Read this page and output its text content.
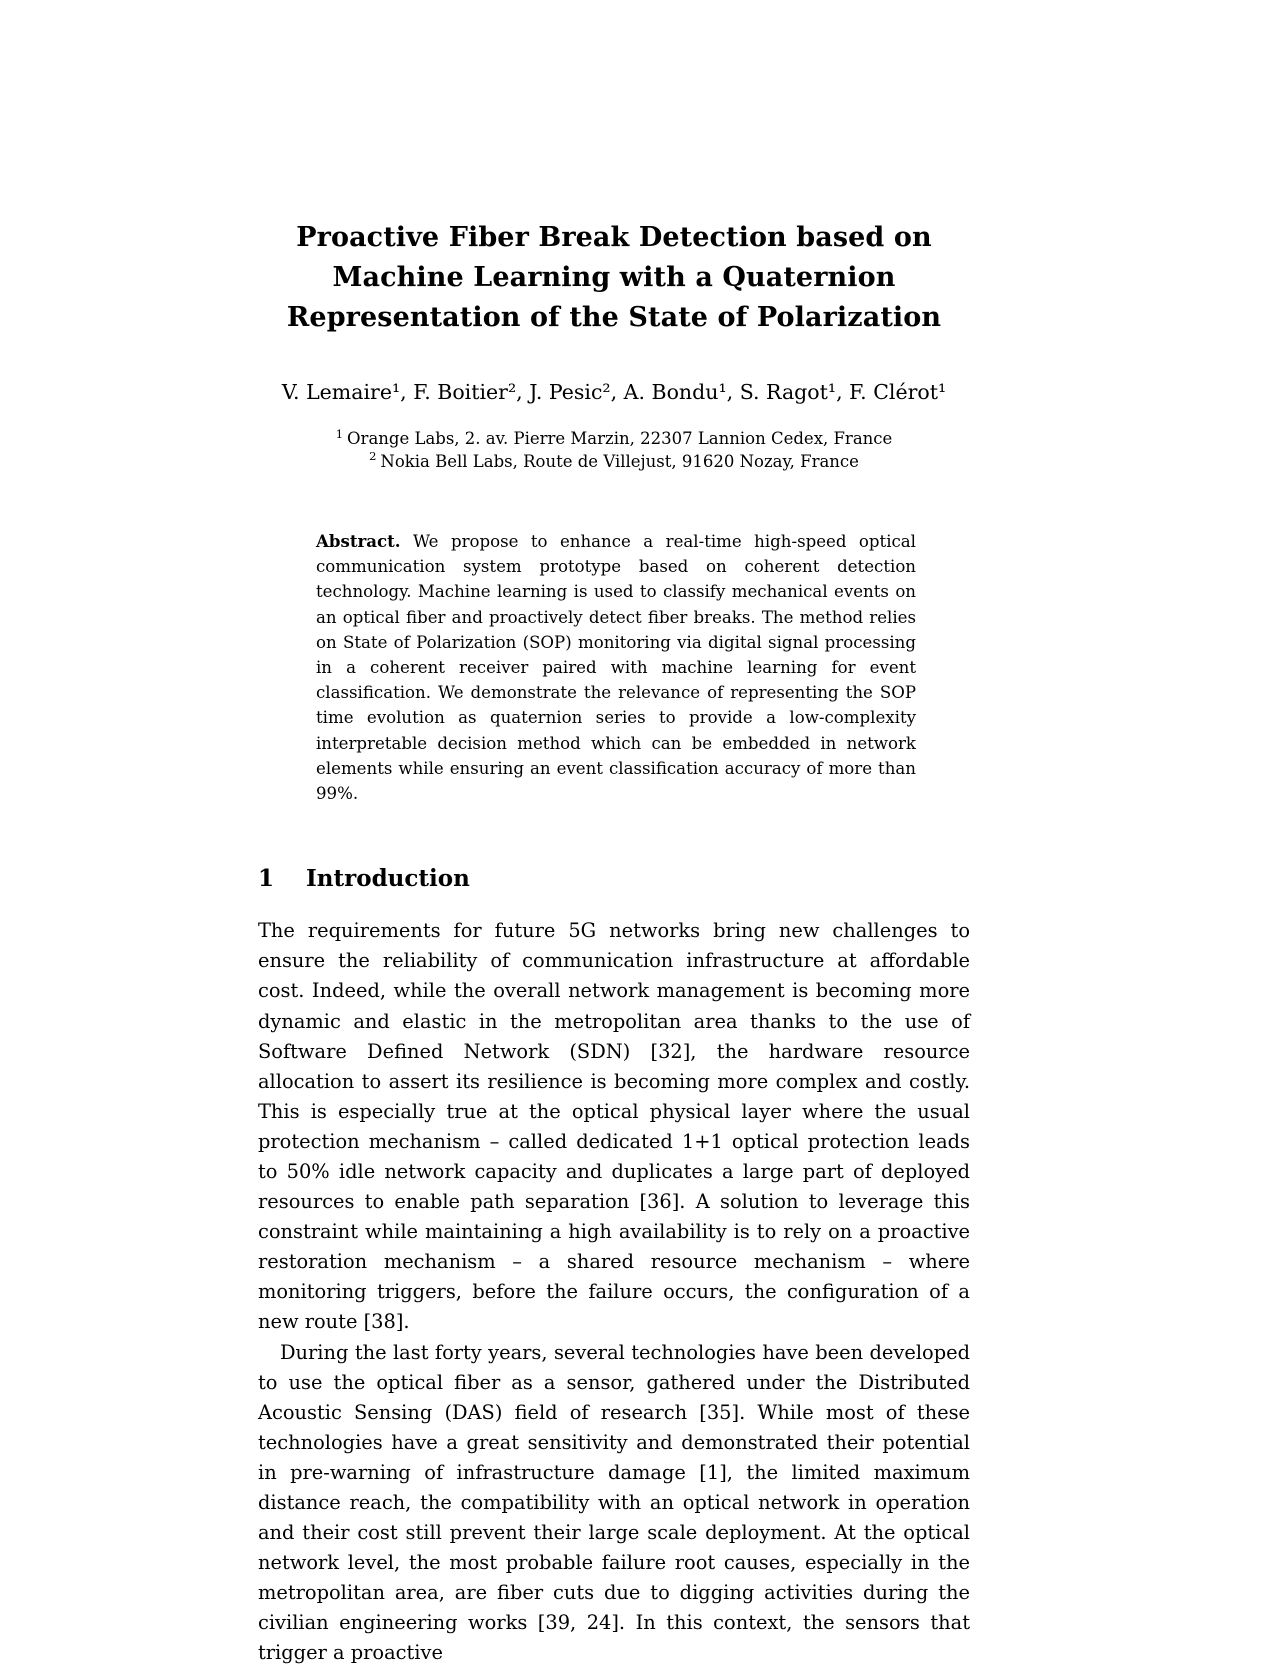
Proactive Fiber Break Detection based on
Machine Learning with a Quaternion
Representation of the State of Polarization
V. Lemaire¹, F. Boitier², J. Pesic², A. Bondu¹, S. Ragot¹, F. Clérot¹
$^1$ Orange Labs, 2. av. Pierre Marzin, 22307 Lannion Cedex, France
$^2$ Nokia Bell Labs, Route de Villejust, 91620 Nozay, France
Abstract. We propose to enhance a real-time high-speed optical communication system prototype based on coherent detection technology. Machine learning is used to classify mechanical events on an optical fiber and proactively detect fiber breaks. The method relies on State of Polarization (SOP) monitoring via digital signal processing in a coherent receiver paired with machine learning for event classification. We demonstrate the relevance of representing the SOP time evolution as quaternion series to provide a low-complexity interpretable decision method which can be embedded in network elements while ensuring an event classification accuracy of more than 99%.
1	Introduction

The requirements for future 5G networks bring new challenges to ensure the reliability of communication infrastructure at affordable cost. Indeed, while the overall network management is becoming more dynamic and elastic in the metropolitan area thanks to the use of Software Defined Network (SDN) [32], the hardware resource allocation to assert its resilience is becoming more complex and costly. This is especially true at the optical physical layer where the usual protection mechanism – called dedicated 1+1 optical protection leads to 50% idle network capacity and duplicates a large part of deployed resources to enable path separation [36]. A solution to leverage this constraint while maintaining a high availability is to rely on a proactive restoration mechanism – a shared resource mechanism – where monitoring triggers, before the failure occurs, the configuration of a new route [38].

During the last forty years, several technologies have been developed to use the optical fiber as a sensor, gathered under the Distributed Acoustic Sensing (DAS) field of research [35]. While most of these technologies have a great sensitivity and demonstrated their potential in pre-warning of infrastructure damage [1], the limited maximum distance reach, the compatibility with an optical network in operation and their cost still prevent their large scale deployment. At the optical network level, the most probable failure root causes, especially in the metropolitan area, are fiber cuts due to digging activities during the civilian engineering works [39, 24]. In this context, the sensors that trigger a proactive
